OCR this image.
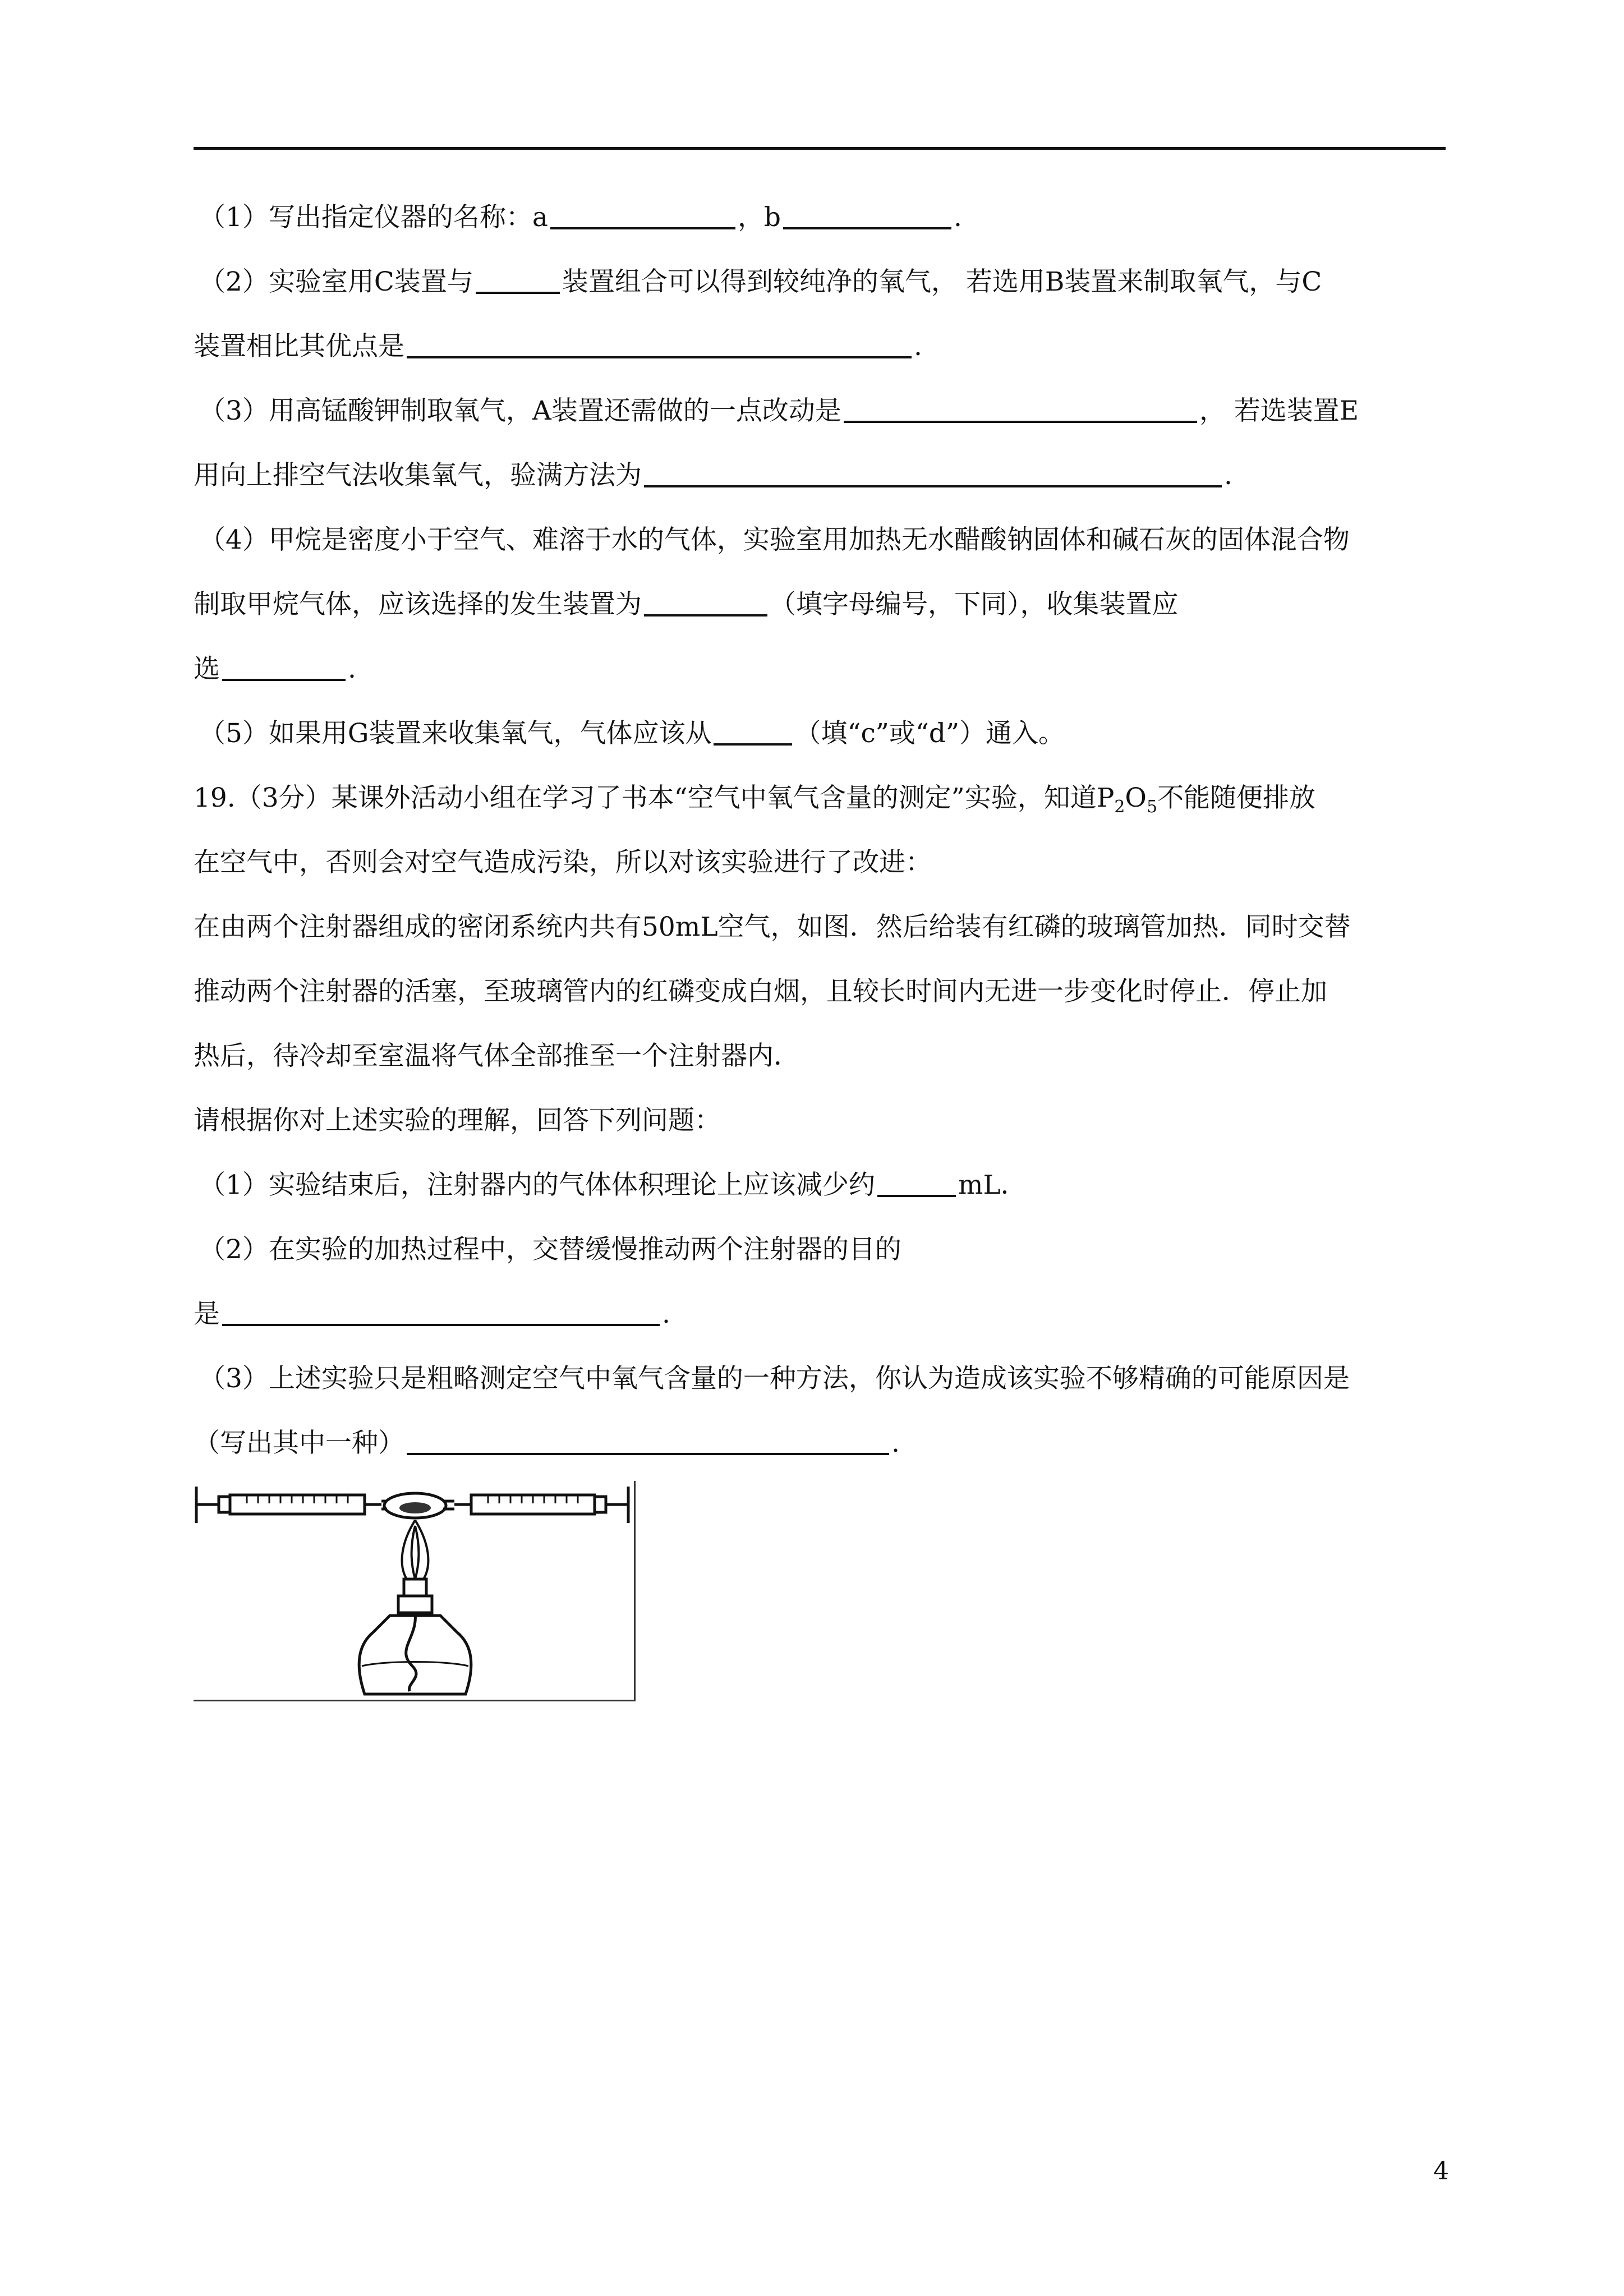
（1）写出指定仪器的名称：a	，b	.
（2）实验室用C装置与	装置组合可以得到较纯净的氧气， 若选用B装置来制取氧气，与C
装置相比其优点是	.
（3）用高锰酸钾制取氧气，A装置还需做的一点改动是	， 若选装置E
用向上排空气法收集氧气，验满方法为	.
（4）甲烷是密度小于空气、难溶于水的气体，实验室用加热无水醋酸钠固体和碱石灰的固体混合物
制取甲烷气体，应该选择的发生装置为	（填字母编号，下同），收集装置应
选	.
（5）如果用G装置来收集氧气，气体应该从	（填“c”或“d”）通入。
19.（3分）某课外活动小组在学习了书本“空气中氧气含量的测定”实验，知道$P_2O_5$不能随便排放
在空气中，否则会对空气造成污染，所以对该实验进行了改进：
在由两个注射器组成的密闭系统内共有50mL空气，如图．然后给装有红磷的玻璃管加热．同时交替
推动两个注射器的活塞，至玻璃管内的红磷变成白烟，且较长时间内无进一步变化时停止．停止加
热后，待冷却至室温将气体全部推至一个注射器内．
请根据你对上述实验的理解，回答下列问题：
（1）实验结束后，注射器内的气体体积理论上应该减少约	mL．
（2）在实验的加热过程中，交替缓慢推动两个注射器的目的
是	.
（3）上述实验只是粗略测定空气中氧气含量的一种方法，你认为造成该实验不够精确的可能原因是
（写出其中一种）	.
4
